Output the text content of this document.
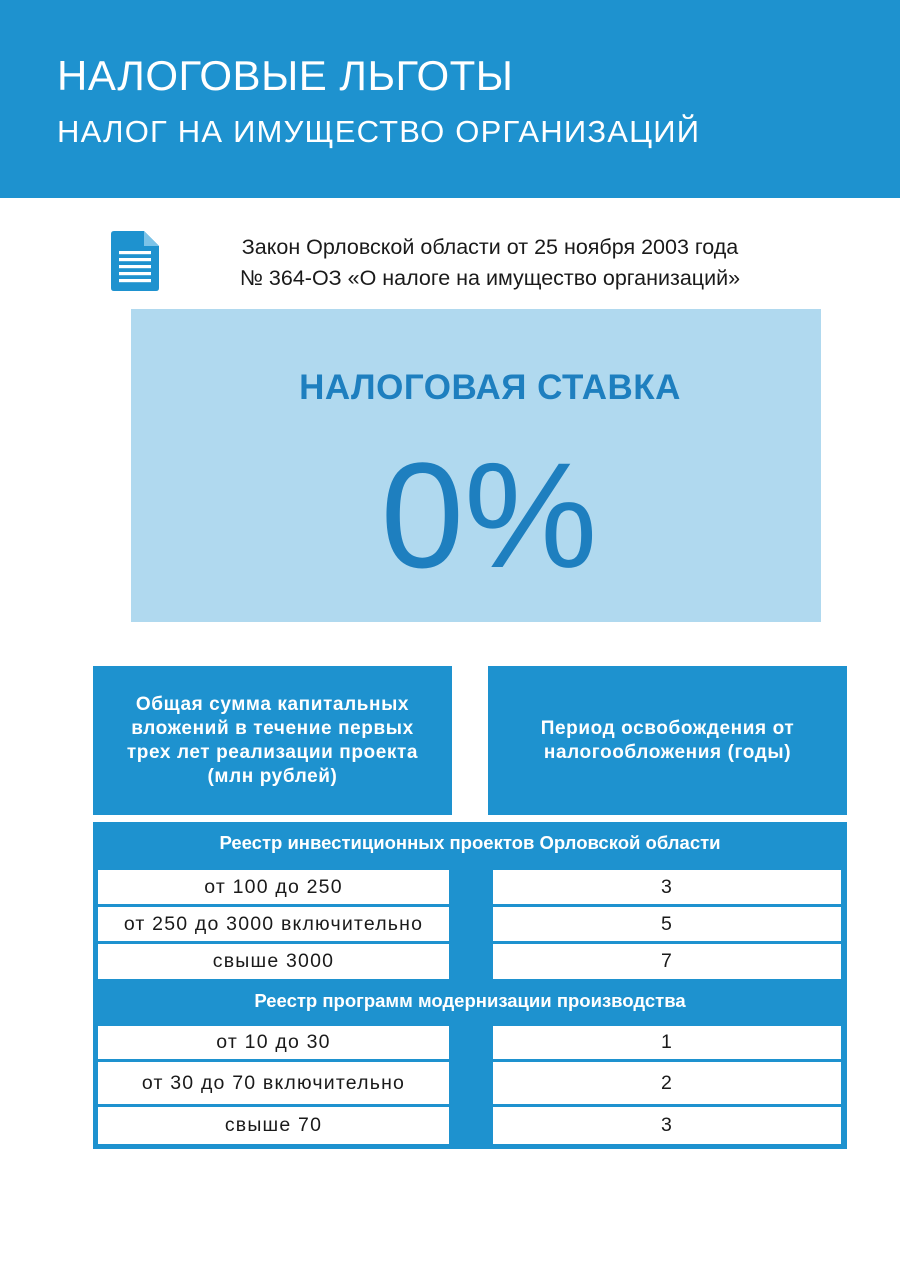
НАЛОГОВЫЕ ЛЬГОТЫ
НАЛОГ НА ИМУЩЕСТВО ОРГАНИЗАЦИЙ
Закон Орловской области от 25 ноября 2003 года
№ 364-ОЗ «О налоге на имущество организаций»
НАЛОГОВАЯ СТАВКА
0%
Общая сумма капитальных вложений в течение первых трех лет реализации проекта (млн рублей)
Период освобождения от налогообложения (годы)
Реестр инвестиционных проектов Орловской области
от 100 до 250	3
от 250 до 3000 включительно	5
свыше 3000	7
Реестр программ модернизации производства
от 10 до 30	1
от 30 до 70 включительно	2
свыше 70	3
